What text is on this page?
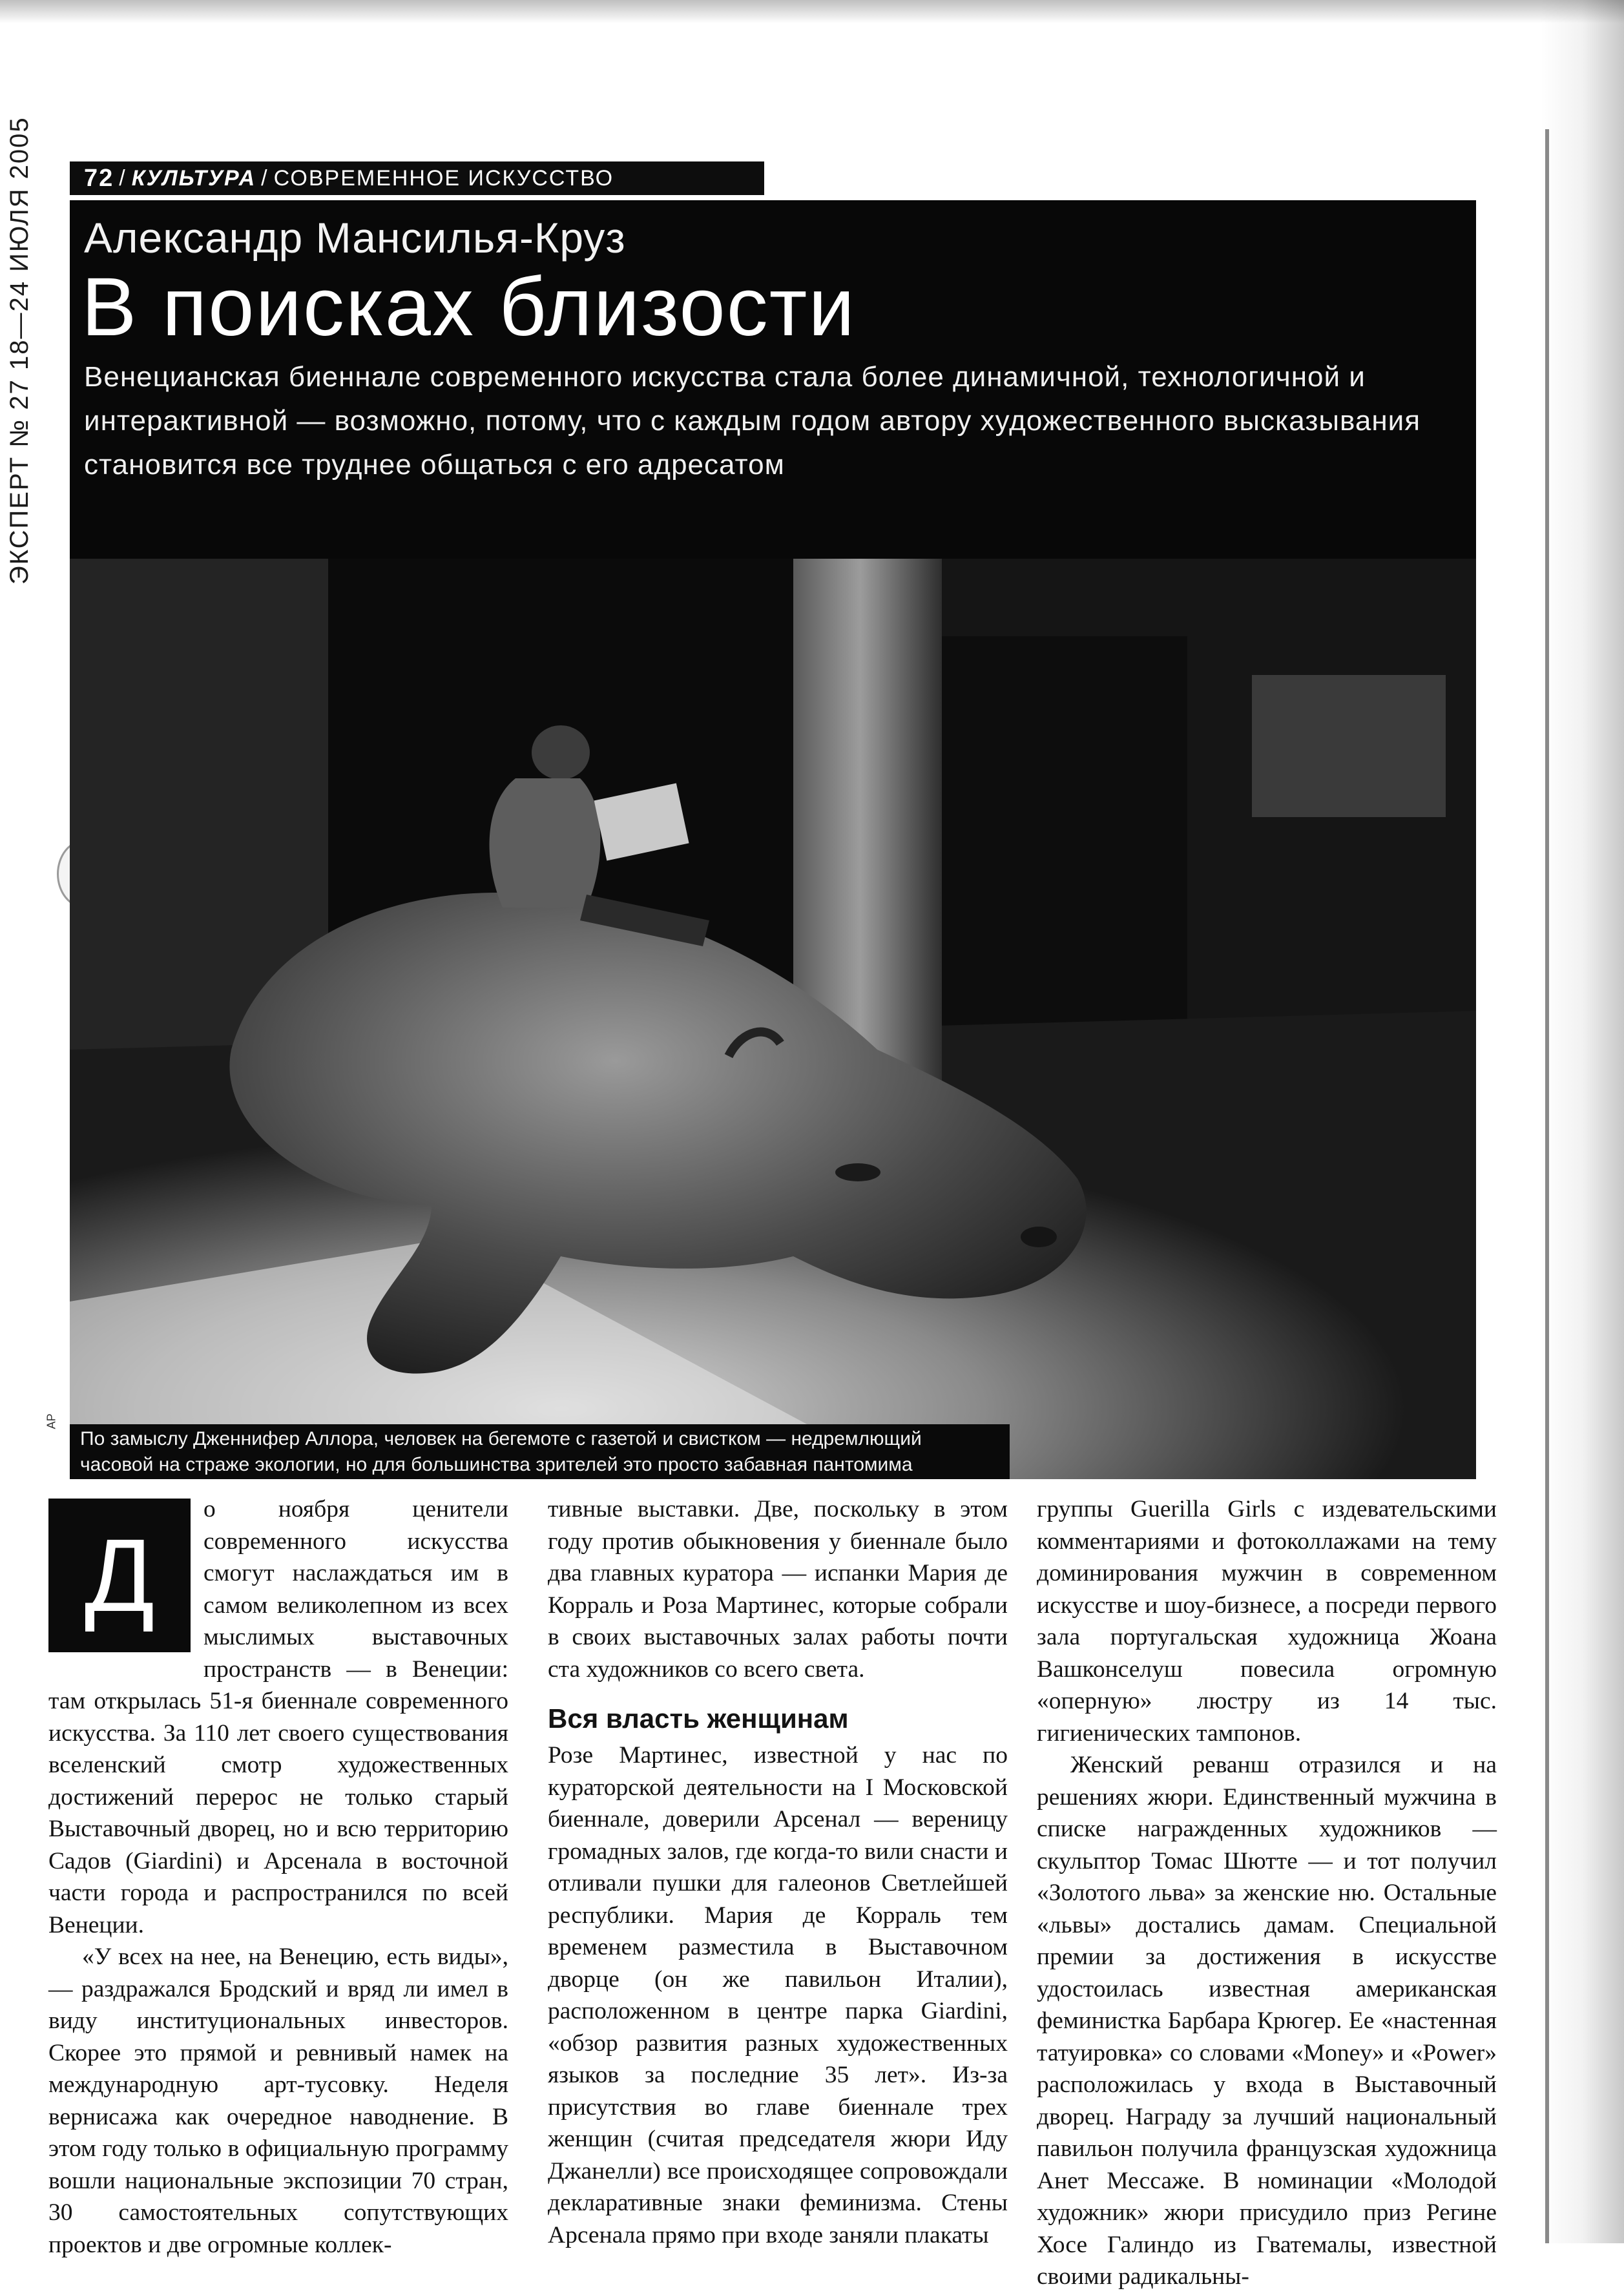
72 / КУЛЬТУРА / СОВРЕМЕННОЕ ИСКУССТВО
ЭКСПЕРТ № 27 18—24 ИЮЛЯ 2005 Александр Мансилья-Круз
В поисках близости
Венецианская биеннале современного искусства стала более динамичной, технологичной и интерактивной — возможно, потому, что с каждым годом автору художественного высказывания становится все труднее общаться с его адресатом
AP
По замыслу Дженнифер Аллора, человек на бегемоте с газетой и свистком — недремлющий часовой на страже экологии, но для большинства зрителей это просто забавная пантомима
Д

о ноября ценители современного искусства смогут наслаждаться им в самом великолепном из всех мыслимых выставочных пространств — в Венеции: там открылась 51-я биеннале современного искусства. За 110 лет своего существования вселенский смотр художественных достижений перерос не только старый Выставочный дворец, но и всю территорию Садов (Giardini) и Арсенала в восточной части города и распространился по всей Венеции.

«У всех на нее, на Венецию, есть виды», — раздражался Бродский и вряд ли имел в виду институциональных инвесторов. Скорее это прямой и ревнивый намек на международную арт-тусовку. Неделя вернисажа как очередное наводнение. В этом году только в официальную программу вошли национальные экспозиции 70 стран, 30 самостоятельных сопутствующих проектов и две огромные коллек-

тивные выставки. Две, поскольку в этом году против обыкновения у биеннале было два главных куратора — испанки Мария де Корраль и Роза Мартинес, которые собрали в своих выставочных залах работы почти ста художников со всего света.

Вся власть женщинам

Розе Мартинес, известной у нас по кураторской деятельности на I Московской биеннале, доверили Арсенал — вереницу громадных залов, где когда-то вили снасти и отливали пушки для галеонов Светлейшей республики. Мария де Корраль тем временем разместила в Выставочном дворце (он же павильон Италии), расположенном в центре парка Giardini, «обзор развития разных художественных языков за последние 35 лет». Из-за присутствия во главе биеннале трех женщин (считая председателя жюри Иду Джанелли) все происходящее сопровождали декларативные знаки феминизма. Стены Арсенала прямо при входе заняли плакаты

группы Guerilla Girls с издевательскими комментариями и фотоколлажами на тему доминирования мужчин в современном искусстве и шоу-бизнесе, а посреди первого зала португальская художница Жоана Вашконселуш повесила огромную «оперную» люстру из 14 тыс. гигиенических тампонов.

Женский реванш отразился и на решениях жюри. Единственный мужчина в списке награжденных художников — скульптор Томас Шютте — и тот получил «Золотого льва» за женские ню. Остальные «львы» достались дамам. Специальной премии за достижения в искусстве удостоилась известная американская феминистка Барбара Крюгер. Ее «настенная татуировка» со словами «Money» и «Power» расположилась у входа в Выставочный дворец. Награду за лучший национальный павильон получила французская художница Анет Мессаже. В номинации «Молодой художник» жюри присудило приз Регине Хосе Галиндо из Гватемалы, известной своими радикальны-
